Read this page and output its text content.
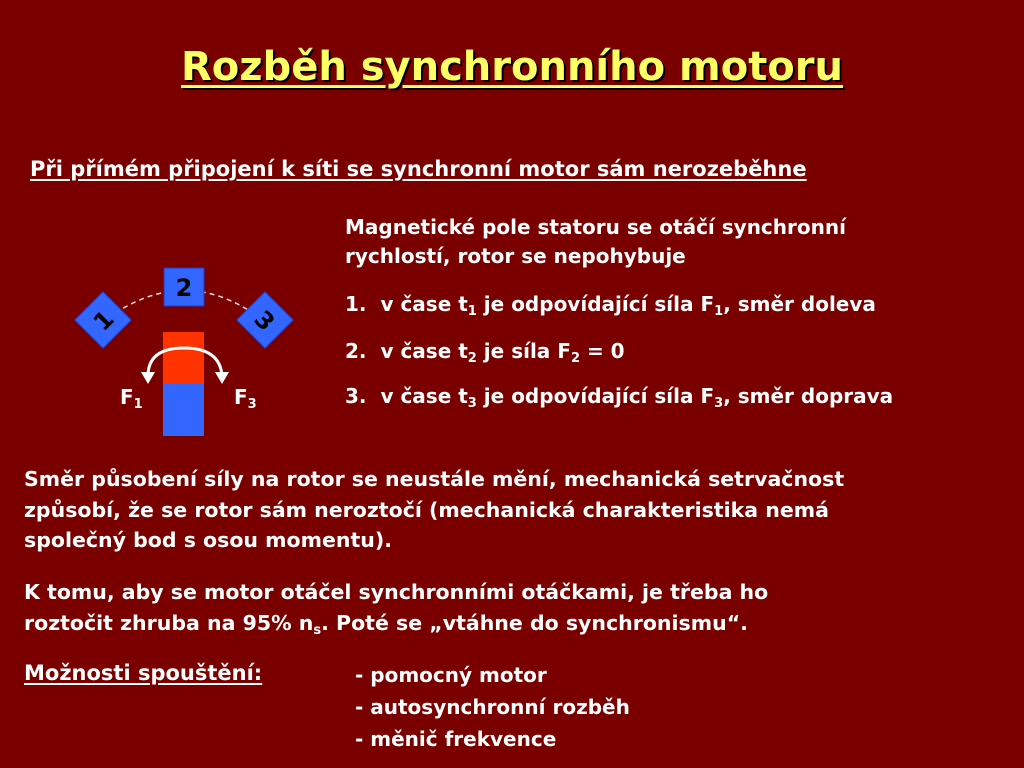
Rozběh synchronního motoru
Při přímém připojení k síti se synchronní motor sám nerozeběhne
Magnetické pole statoru se otáčí synchronní
rychlostí, rotor se nepohybuje
1. v čase $t_1$ je odpovídající síla $F_1$, směr doleva
2. v čase $t_2$ je síla $F_2 = 0$
3. v čase $t_3$ je odpovídající síla $F_3$, směr doprava
2
1	3
$F_1$	$F_3$
Směr působení síly na rotor se neustále mění, mechanická setrvačnost
způsobí, že se rotor sám neroztočí (mechanická charakteristika nemá
společný bod s osou momentu).
K tomu, aby se motor otáčel synchronními otáčkami, je třeba ho
roztočit zhruba na 95% $n_s$. Poté se „vtáhne do synchronismu“.
Možnosti spouštění:	- pomocný motor
- autosynchronní rozběh
- měnič frekvence
